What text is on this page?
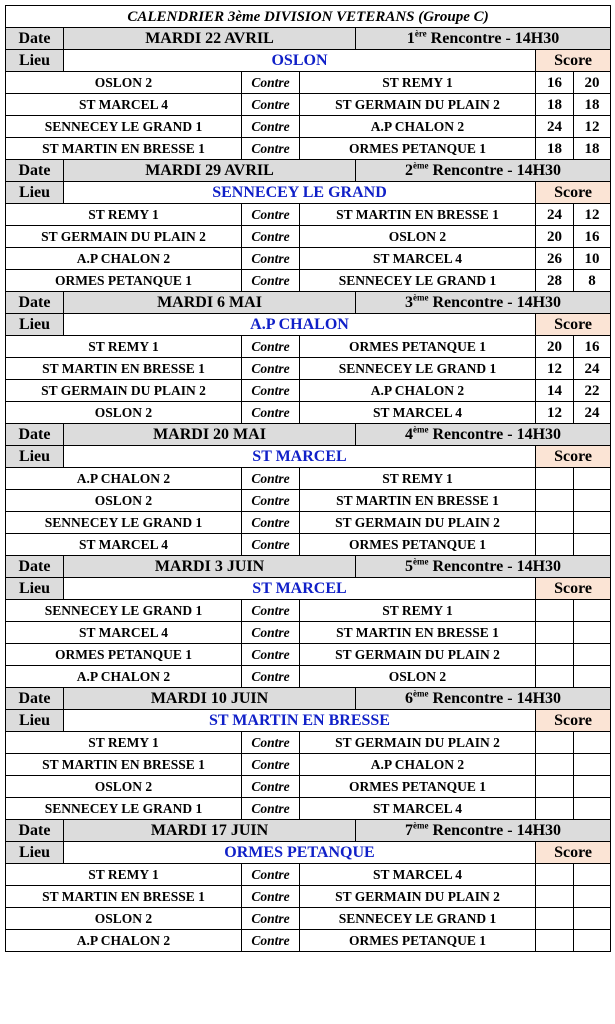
CALENDRIER 3ème DIVISION VETERANS (Groupe C)						
Date	MARDI 22 AVRIL			1ère Rencontre - 14H30		
Lieu	OSLON				Score	
OSLON 2		Contre	ST REMY 1		16	20
ST MARCEL 4		Contre	ST GERMAIN DU PLAIN 2		18	18
SENNECEY LE GRAND 1		Contre	A.P CHALON 2		24	12
ST MARTIN EN BRESSE 1		Contre	ORMES PETANQUE 1		18	18
Date	MARDI 29 AVRIL			2ème Rencontre - 14H30		
Lieu	SENNECEY LE GRAND				Score	
ST REMY 1		Contre	ST MARTIN EN BRESSE 1		24	12
ST GERMAIN DU PLAIN 2		Contre	OSLON 2		20	16
A.P CHALON 2		Contre	ST MARCEL 4		26	10
ORMES PETANQUE 1		Contre	SENNECEY LE GRAND 1		28	8
Date	MARDI 6 MAI			3ème Rencontre - 14H30		
Lieu	A.P CHALON				Score	
ST REMY 1		Contre	ORMES PETANQUE 1		20	16
ST MARTIN EN BRESSE 1		Contre	SENNECEY LE GRAND 1		12	24
ST GERMAIN DU PLAIN 2		Contre	A.P CHALON 2		14	22
OSLON 2		Contre	ST MARCEL 4		12	24
Date	MARDI 20 MAI			4ème Rencontre - 14H30		
Lieu	ST MARCEL				Score	
A.P CHALON 2		Contre	ST REMY 1			
OSLON 2		Contre	ST MARTIN EN BRESSE 1			
SENNECEY LE GRAND 1		Contre	ST GERMAIN DU PLAIN 2			
ST MARCEL 4		Contre	ORMES PETANQUE 1			
Date	MARDI 3 JUIN			5ème Rencontre - 14H30		
Lieu	ST MARCEL				Score	
SENNECEY LE GRAND 1		Contre	ST REMY 1			
ST MARCEL 4		Contre	ST MARTIN EN BRESSE 1			
ORMES PETANQUE 1		Contre	ST GERMAIN DU PLAIN 2			
A.P CHALON 2		Contre	OSLON 2			
Date	MARDI 10 JUIN			6ème Rencontre - 14H30		
Lieu	ST MARTIN EN BRESSE				Score	
ST REMY 1		Contre	ST GERMAIN DU PLAIN 2			
ST MARTIN EN BRESSE 1		Contre	A.P CHALON 2			
OSLON 2		Contre	ORMES PETANQUE 1			
SENNECEY LE GRAND 1		Contre	ST MARCEL 4			
Date	MARDI 17 JUIN			7ème Rencontre - 14H30		
Lieu	ORMES PETANQUE				Score	
ST REMY 1		Contre	ST MARCEL 4			
ST MARTIN EN BRESSE 1		Contre	ST GERMAIN DU PLAIN 2			
OSLON 2		Contre	SENNECEY LE GRAND 1			
A.P CHALON 2		Contre	ORMES PETANQUE 1			
